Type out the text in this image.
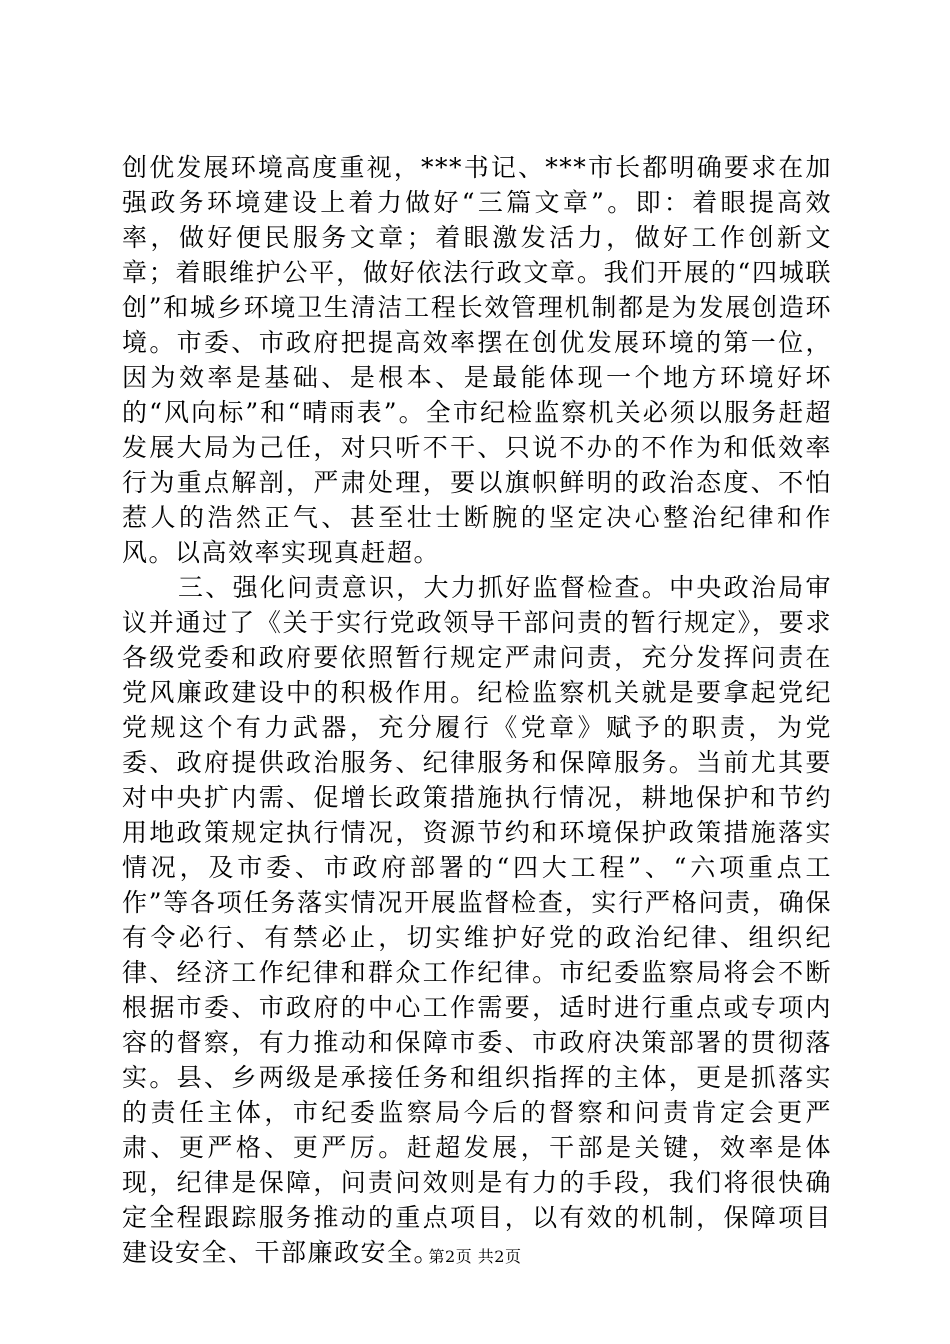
创优发展环境高度重视，***书记、***市长都明确要求在加强政务环境建设上着力做好“三篇文章”。即：着眼提高效率，做好便民服务文章；着眼激发活力，做好工作创新文章；着眼维护公平，做好依法行政文章。我们开展的“四城联创”和城乡环境卫生清洁工程长效管理机制都是为发展创造环境。市委、市政府把提高效率摆在创优发展环境的第一位，因为效率是基础、是根本、是最能体现一个地方环境好坏的“风向标”和“晴雨表”。全市纪检监察机关必须以服务赶超发展大局为己任，对只听不干、只说不办的不作为和低效率行为重点解剖，严肃处理，要以旗帜鲜明的政治态度、不怕惹人的浩然正气、甚至壮士断腕的坚定决心整治纪律和作风。以高效率实现真赶超。

三、强化问责意识，大力抓好监督检查。中央政治局审议并通过了《关于实行党政领导干部问责的暂行规定》，要求各级党委和政府要依照暂行规定严肃问责，充分发挥问责在党风廉政建设中的积极作用。纪检监察机关就是要拿起党纪党规这个有力武器，充分履行《党章》赋予的职责，为党委、政府提供政治服务、纪律服务和保障服务。当前尤其要对中央扩内需、促增长政策措施执行情况，耕地保护和节约用地政策规定执行情况，资源节约和环境保护政策措施落实情况，及市委、市政府部署的“四大工程”、“六项重点工作”等各项任务落实情况开展监督检查，实行严格问责，确保有令必行、有禁必止，切实维护好党的政治纪律、组织纪律、经济工作纪律和群众工作纪律。市纪委监察局将会不断根据市委、市政府的中心工作需要，适时进行重点或专项内容的督察，有力推动和保障市委、市政府决策部署的贯彻落实。县、乡两级是承接任务和组织指挥的主体，更是抓落实的责任主体，市纪委监察局今后的督察和问责肯定会更严肃、更严格、更严厉。赶超发展，干部是关键，效率是体现，纪律是保障，问责问效则是有力的手段，我们将很快确定全程跟踪服务推动的重点项目，以有效的机制，保障项目建设安全、干部廉政安全。

第2页 共2页
